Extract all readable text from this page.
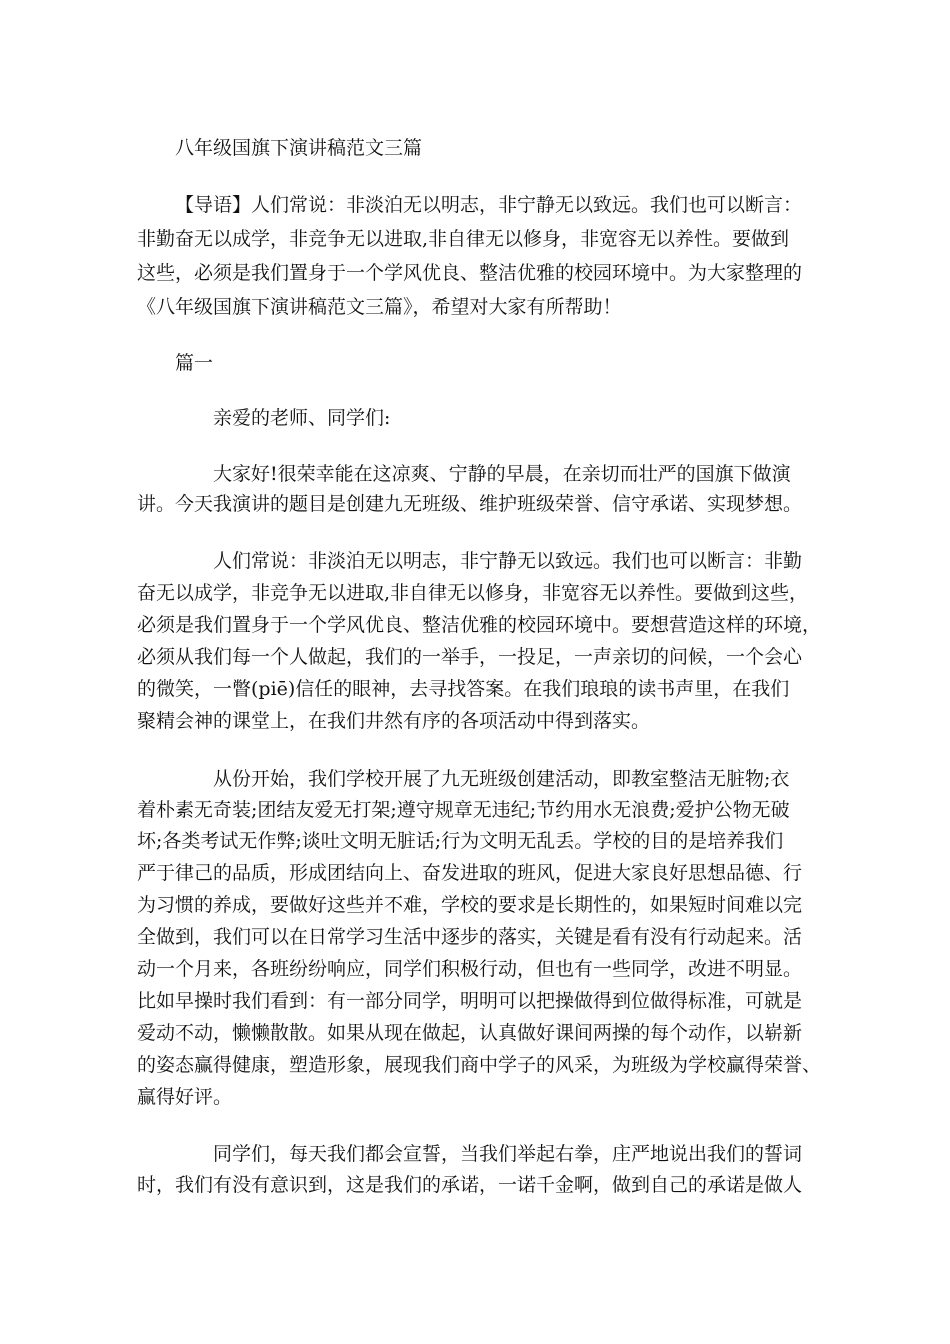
八年级国旗下演讲稿范文三篇

【导语】人们常说：非淡泊无以明志，非宁静无以致远。我们也可以断言：

非勤奋无以成学，非竞争无以进取,非自律无以修身，非宽容无以养性。要做到

这些，必须是我们置身于一个学风优良、整洁优雅的校园环境中。为大家整理的

《八年级国旗下演讲稿范文三篇》，希望对大家有所帮助！

篇一

亲爱的老师、同学们:

大家好!很荣幸能在这凉爽、宁静的早晨，在亲切而壮严的国旗下做演

讲。今天我演讲的题目是创建九无班级、维护班级荣誉、信守承诺、实现梦想。

人们常说：非淡泊无以明志，非宁静无以致远。我们也可以断言：非勤

奋无以成学，非竞争无以进取,非自律无以修身，非宽容无以养性。要做到这些，

必须是我们置身于一个学风优良、整洁优雅的校园环境中。要想营造这样的环境，

必须从我们每一个人做起，我们的一举手，一投足，一声亲切的问候，一个会心

的微笑，一瞥(piē)信任的眼神，去寻找答案。在我们琅琅的读书声里，在我们

聚精会神的课堂上，在我们井然有序的各项活动中得到落实。

从份开始，我们学校开展了九无班级创建活动，即教室整洁无脏物;衣

着朴素无奇装;团结友爱无打架;遵守规章无违纪;节约用水无浪费;爱护公物无破

坏;各类考试无作弊;谈吐文明无脏话;行为文明无乱丢。学校的目的是培养我们

严于律己的品质，形成团结向上、奋发进取的班风，促进大家良好思想品德、行

为习惯的养成，要做好这些并不难，学校的要求是长期性的，如果短时间难以完

全做到，我们可以在日常学习生活中逐步的落实，关键是看有没有行动起来。活

动一个月来，各班纷纷响应，同学们积极行动，但也有一些同学，改进不明显。

比如早操时我们看到：有一部分同学，明明可以把操做得到位做得标准，可就是

爱动不动，懒懒散散。如果从现在做起，认真做好课间两操的每个动作，以崭新

的姿态赢得健康，塑造形象，展现我们商中学子的风采，为班级为学校赢得荣誉、

赢得好评。

同学们，每天我们都会宣誓，当我们举起右拳，庄严地说出我们的誓词

时，我们有没有意识到，这是我们的承诺，一诺千金啊，做到自己的承诺是做人
